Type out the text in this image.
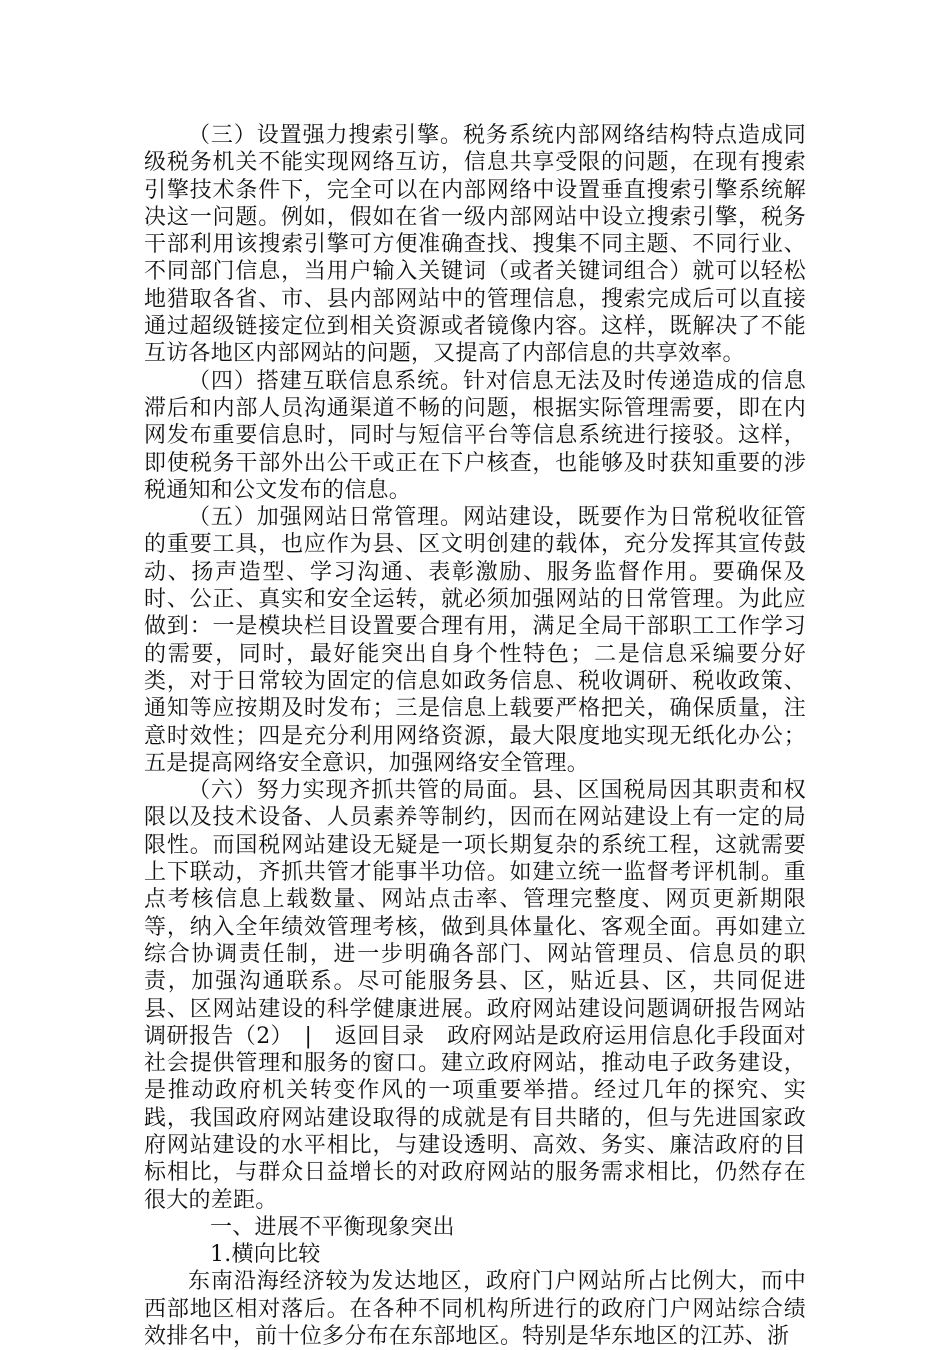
（三）设置强力搜索引擎。税务系统内部网络结构特点造成同级税务机关不能实现网络互访，信息共享受限的问题，在现有搜索引擎技术条件下，完全可以在内部网络中设置垂直搜索引擎系统解决这一问题。例如，假如在省一级内部网站中设立搜索引擎，税务干部利用该搜索引擎可方便准确查找、搜集不同主题、不同行业、不同部门信息，当用户输入关键词（或者关键词组合）就可以轻松地猎取各省、市、县内部网站中的管理信息，搜索完成后可以直接通过超级链接定位到相关资源或者镜像内容。这样，既解决了不能互访各地区内部网站的问题，又提高了内部信息的共享效率。

（四）搭建互联信息系统。针对信息无法及时传递造成的信息滞后和内部人员沟通渠道不畅的问题，根据实际管理需要，即在内网发布重要信息时，同时与短信平台等信息系统进行接驳。这样，即使税务干部外出公干或正在下户核查，也能够及时获知重要的涉税通知和公文发布的信息。

（五）加强网站日常管理。网站建设，既要作为日常税收征管的重要工具，也应作为县、区文明创建的载体，充分发挥其宣传鼓动、扬声造型、学习沟通、表彰激励、服务监督作用。要确保及时、公正、真实和安全运转，就必须加强网站的日常管理。为此应做到：一是模块栏目设置要合理有用，满足全局干部职工工作学习的需要，同时，最好能突出自身个性特色；二是信息采编要分好类，对于日常较为固定的信息如政务信息、税收调研、税收政策、通知等应按期及时发布；三是信息上载要严格把关，确保质量，注意时效性；四是充分利用网络资源，最大限度地实现无纸化办公；五是提高网络安全意识，加强网络安全管理。

（六）努力实现齐抓共管的局面。县、区国税局因其职责和权限以及技术设备、人员素养等制约，因而在网站建设上有一定的局限性。而国税网站建设无疑是一项长期复杂的系统工程，这就需要上下联动，齐抓共管才能事半功倍。如建立统一监督考评机制。重点考核信息上载数量、网站点击率、管理完整度、网页更新期限等，纳入全年绩效管理考核，做到具体量化、客观全面。再如建立综合协调责任制，进一步明确各部门、网站管理员、信息员的职责，加强沟通联系。尽可能服务县、区，贴近县、区，共同促进县、区网站建设的科学健康进展。政府网站建设问题调研报告网站调研报告（2）　|　返回目录　政府网站是政府运用信息化手段面对社会提供管理和服务的窗口。建立政府网站，推动电子政务建设，是推动政府机关转变作风的一项重要举措。经过几年的探究、实践，我国政府网站建设取得的成就是有目共睹的，但与先进国家政府网站建设的水平相比，与建设透明、高效、务实、廉洁政府的目标相比，与群众日益增长的对政府网站的服务需求相比，仍然存在很大的差距。

一、进展不平衡现象突出

1.横向比较

东南沿海经济较为发达地区，政府门户网站所占比例大，而中西部地区相对落后。在各种不同机构所进行的政府门户网站综合绩效排名中，前十位多分布在东部地区。特别是华东地区的江苏、浙
